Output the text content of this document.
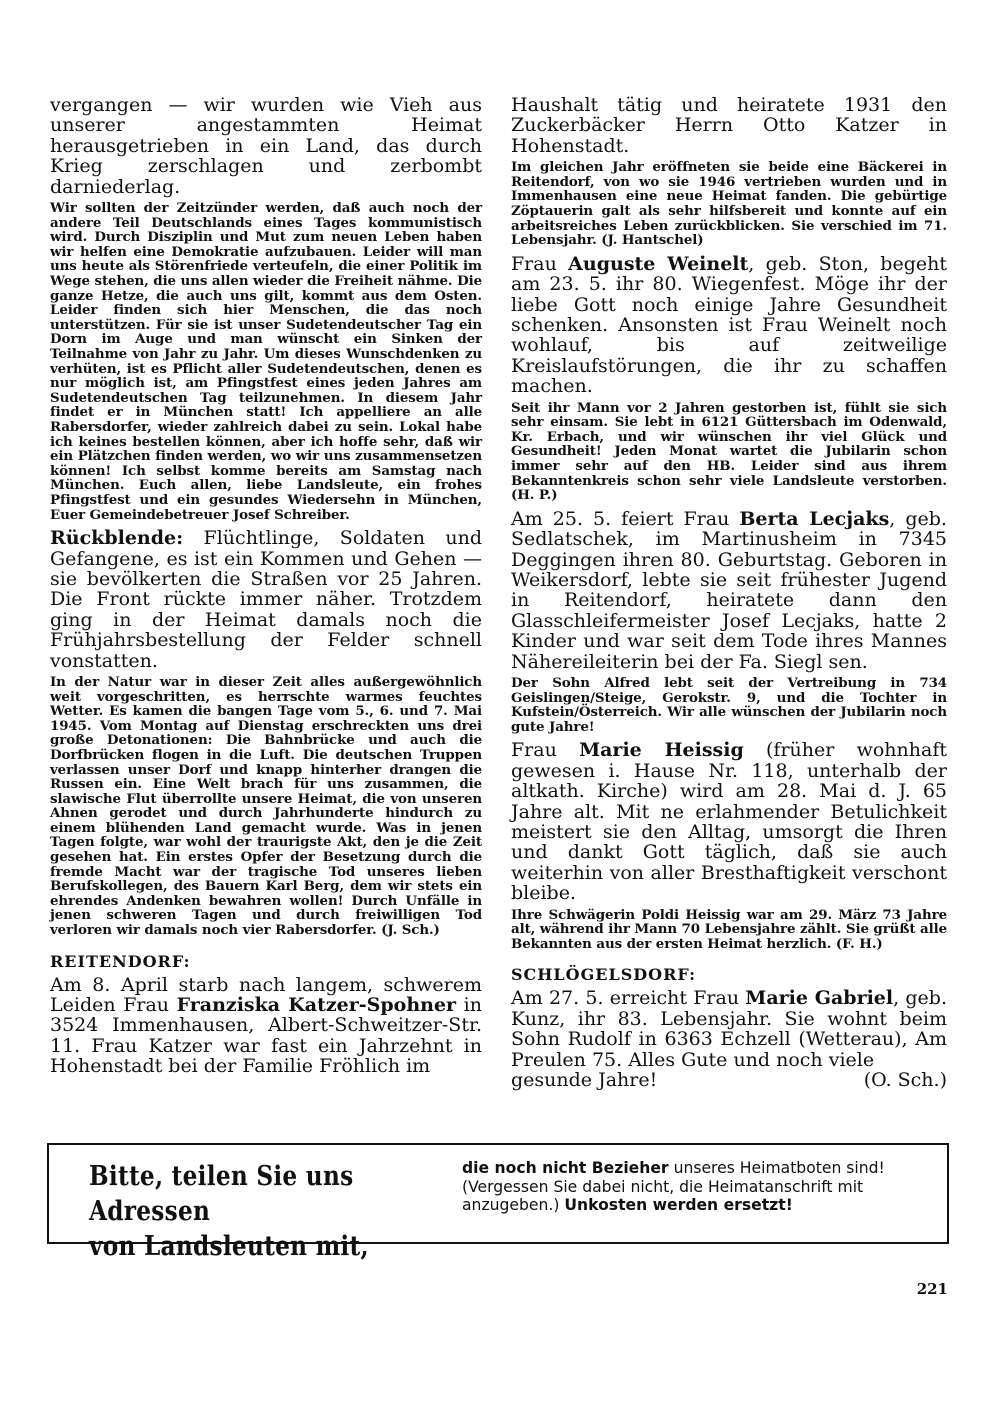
vergangen — wir wurden wie Vieh aus unserer angestammten Heimat herausgetrieben in ein Land, das durch Krieg zerschlagen und zerbombt darniederlag.

Wir sollten der Zeitzünder werden, daß auch noch der andere Teil Deutschlands eines Tages kommunistisch wird. Durch Disziplin und Mut zum neuen Leben haben wir helfen eine Demokratie aufzubauen. Leider will man uns heute als Störenfriede verteufeln, die einer Politik im Wege stehen, die uns allen wieder die Freiheit nähme. Die ganze Hetze, die auch uns gilt, kommt aus dem Osten. Leider finden sich hier Menschen, die das noch unterstützen. Für sie ist unser Sudetendeutscher Tag ein Dorn im Auge und man wünscht ein Sinken der Teilnahme von Jahr zu Jahr. Um dieses Wunschdenken zu verhüten, ist es Pflicht aller Sudetendeutschen, denen es nur möglich ist, am Pfingstfest eines jeden Jahres am Sudetendeutschen Tag teilzunehmen. In diesem Jahr findet er in München statt! Ich appelliere an alle Rabersdorfer, wieder zahlreich dabei zu sein. Lokal habe ich keines bestellen können, aber ich hoffe sehr, daß wir ein Plätzchen finden werden, wo wir uns zusammensetzen können! Ich selbst komme bereits am Samstag nach München. Euch allen, liebe Landsleute, ein frohes Pfingstfest und ein gesundes Wiedersehn in München, Euer Gemeindebetreuer Josef Schreiber.

Rückblende: Flüchtlinge, Soldaten und Gefangene, es ist ein Kommen und Gehen — sie bevölkerten die Straßen vor 25 Jahren. Die Front rückte immer näher. Trotzdem ging in der Heimat damals noch die Frühjahrsbestellung der Felder schnell vonstatten.

In der Natur war in dieser Zeit alles außergewöhnlich weit vorgeschritten, es herrschte warmes feuchtes Wetter. Es kamen die bangen Tage vom 5., 6. und 7. Mai 1945. Vom Montag auf Dienstag erschreckten uns drei große Detonationen: Die Bahnbrücke und auch die Dorfbrücken flogen in die Luft. Die deutschen Truppen verlassen unser Dorf und knapp hinterher drangen die Russen ein. Eine Welt brach für uns zusammen, die slawische Flut überrollte unsere Heimat, die von unseren Ahnen gerodet und durch Jahrhunderte hindurch zu einem blühenden Land gemacht wurde. Was in jenen Tagen folgte, war wohl der traurigste Akt, den je die Zeit gesehen hat. Ein erstes Opfer der Besetzung durch die fremde Macht war der tragische Tod unseres lieben Berufskollegen, des Bauern Karl Berg, dem wir stets ein ehrendes Andenken bewahren wollen! Durch Unfälle in jenen schweren Tagen und durch freiwilligen Tod verloren wir damals noch vier Rabersdorfer. (J. Sch.)

REITENDORF:

Am 8. April starb nach langem, schwerem Leiden Frau Franziska Katzer-Spohner in 3524 Immenhausen, Albert-Schweitzer-Str. 11. Frau Katzer war fast ein Jahrzehnt in Hohenstadt bei der Familie Fröhlich im

Haushalt tätig und heiratete 1931 den Zuckerbäcker Herrn Otto Katzer in Hohenstadt.

Im gleichen Jahr eröffneten sie beide eine Bäckerei in Reitendorf, von wo sie 1946 vertrieben wurden und in Immenhausen eine neue Heimat fanden. Die gebürtige Zöptauerin galt als sehr hilfsbereit und konnte auf ein arbeitsreiches Leben zurückblicken. Sie verschied im 71. Lebensjahr. (J. Hantschel)

Frau Auguste Weinelt, geb. Ston, begeht am 23. 5. ihr 80. Wiegenfest. Möge ihr der liebe Gott noch einige Jahre Gesundheit schenken. Ansonsten ist Frau Weinelt noch wohlauf, bis auf zeitweilige Kreislaufstörungen, die ihr zu schaffen machen.

Seit ihr Mann vor 2 Jahren gestorben ist, fühlt sie sich sehr einsam. Sie lebt in 6121 Güttersbach im Odenwald, Kr. Erbach, und wir wünschen ihr viel Glück und Gesundheit! Jeden Monat wartet die Jubilarin schon immer sehr auf den HB. Leider sind aus ihrem Bekanntenkreis schon sehr viele Landsleute verstorben. (H. P.)

Am 25. 5. feiert Frau Berta Lecjaks, geb. Sedlatschek, im Martinusheim in 7345 Deggingen ihren 80. Geburtstag. Geboren in Weikersdorf, lebte sie seit frühester Jugend in Reitendorf, heiratete dann den Glasschleifermeister Josef Lecjaks, hatte 2 Kinder und war seit dem Tode ihres Mannes Nähereileiterin bei der Fa. Siegl sen.

Der Sohn Alfred lebt seit der Vertreibung in 734 Geislingen/Steige, Gerokstr. 9, und die Tochter in Kufstein/Österreich. Wir alle wünschen der Jubilarin noch gute Jahre!

Frau Marie Heissig (früher wohnhaft gewesen i. Hause Nr. 118, unterhalb der altkath. Kirche) wird am 28. Mai d. J. 65 Jahre alt. Mit ne erlahmender Betulichkeit meistert sie den Alltag, umsorgt die Ihren und dankt Gott täglich, daß sie auch weiterhin von aller Bresthaftigkeit verschont bleibe.

Ihre Schwägerin Poldi Heissig war am 29. März 73 Jahre alt, während ihr Mann 70 Lebensjahre zählt. Sie grüßt alle Bekannten aus der ersten Heimat herzlich. (F. H.)

SCHLÖGELSDORF:

Am 27. 5. erreicht Frau Marie Gabriel, geb. Kunz, ihr 83. Lebensjahr. Sie wohnt beim Sohn Rudolf in 6363 Echzell (Wetterau), Am Preulen 75. Alles Gute und noch viele

gesunde Jahre!	(O. Sch.)
Bitte, teilen Sie uns Adressen
von Landsleuten mit,
die noch nicht Bezieher unseres Heimatboten sind! (Vergessen Sie dabei nicht, die Heimatanschrift mit anzugeben.) Unkosten werden ersetzt!
221
